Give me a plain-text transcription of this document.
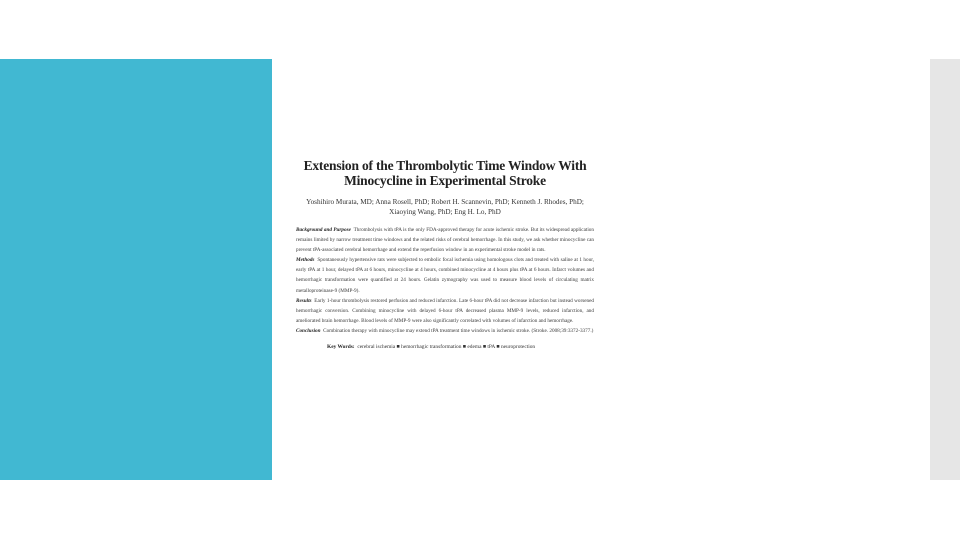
Extension of the Thrombolytic Time Window With
Minocycline in Experimental Stroke
Yoshihiro Murata, MD; Anna Rosell, PhD; Robert H. Scannevin, PhD; Kenneth J. Rhodes, PhD;
Xiaoying Wang, PhD; Eng H. Lo, PhD

Background and Purpose Thrombolysis with tPA is the only FDA-approved therapy for acute ischemic stroke. But its widespread application remains limited by narrow treatment time windows and the related risks of cerebral hemorrhage. In this study, we ask whether minocycline can prevent tPA-associated cerebral hemorrhage and extend the reperfusion window in an experimental stroke model in rats.

Methods Spontaneously hypertensive rats were subjected to embolic focal ischemia using homologous clots and treated with saline at 1 hour, early tPA at 1 hour, delayed tPA at 6 hours, minocycline at 4 hours, combined minocycline at 4 hours plus tPA at 6 hours. Infarct volumes and hemorrhagic transformation were quantified at 24 hours. Gelatin zymography was used to measure blood levels of circulating matrix metalloproteinase-9 (MMP-9).

Results Early 1-hour thrombolysis restored perfusion and reduced infarction. Late 6-hour tPA did not decrease infarction but instead worsened hemorrhagic conversion. Combining minocycline with delayed 6-hour tPA decreased plasma MMP-9 levels, reduced infarction, and ameliorated brain hemorrhage. Blood levels of MMP-9 were also significantly correlated with volumes of infarction and hemorrhage.

Conclusion Combination therapy with minocycline may extend tPA treatment time windows in ischemic stroke. (Stroke. 2008;39:3372-3377.)

Key Words: cerebral ischemia ■ hemorrhagic transformation ■ edema ■ tPA ■ neuroprotection
